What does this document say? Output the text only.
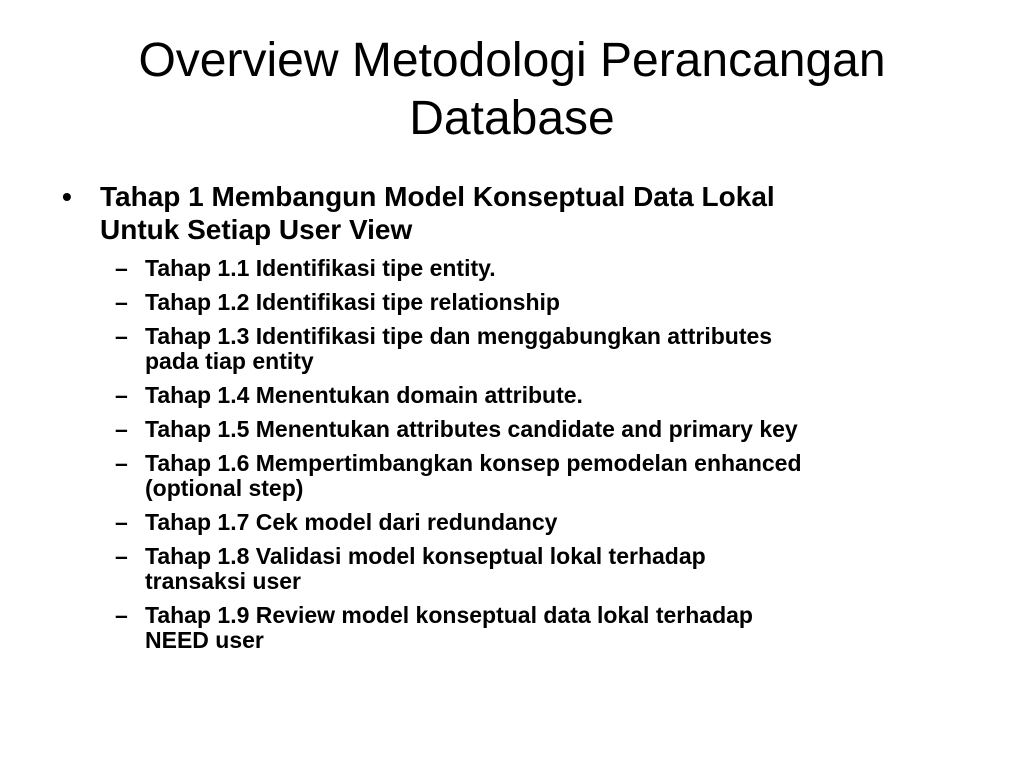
Overview Metodologi Perancangan
Database
• Tahap 1 Membangun Model Konseptual Data Lokal
Untuk Setiap User View
– Tahap 1.1 Identifikasi tipe entity.
– Tahap 1.2 Identifikasi tipe relationship
– Tahap 1.3 Identifikasi tipe dan menggabungkan attributes
pada tiap entity
– Tahap 1.4 Menentukan domain attribute.
– Tahap 1.5 Menentukan attributes candidate and primary key
– Tahap 1.6 Mempertimbangkan konsep pemodelan enhanced
(optional step)
– Tahap 1.7 Cek model dari redundancy
– Tahap 1.8 Validasi model konseptual lokal terhadap
transaksi user
– Tahap 1.9 Review model konseptual data lokal terhadap
NEED user
